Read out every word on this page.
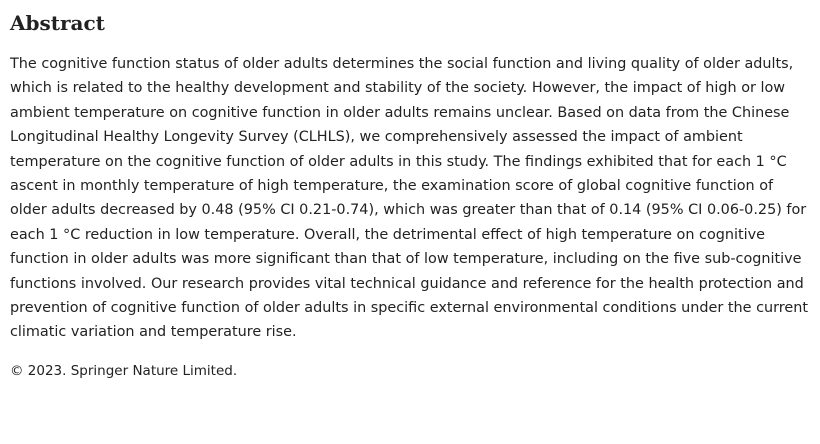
Abstract

The cognitive function status of older adults determines the social function and living quality of older adults, which is related to the healthy development and stability of the society. However, the impact of high or low ambient temperature on cognitive function in older adults remains unclear. Based on data from the Chinese Longitudinal Healthy Longevity Survey (CLHLS), we comprehensively assessed the impact of ambient temperature on the cognitive function of older adults in this study. The findings exhibited that for each 1 °C ascent in monthly temperature of high temperature, the examination score of global cognitive function of older adults decreased by 0.48 (95% CI 0.21-0.74), which was greater than that of 0.14 (95% CI 0.06-0.25) for each 1 °C reduction in low temperature. Overall, the detrimental effect of high temperature on cognitive function in older adults was more significant than that of low temperature, including on the five sub-cognitive functions involved. Our research provides vital technical guidance and reference for the health protection and prevention of cognitive function of older adults in specific external environmental conditions under the current climatic variation and temperature rise.

© 2023. Springer Nature Limited.
